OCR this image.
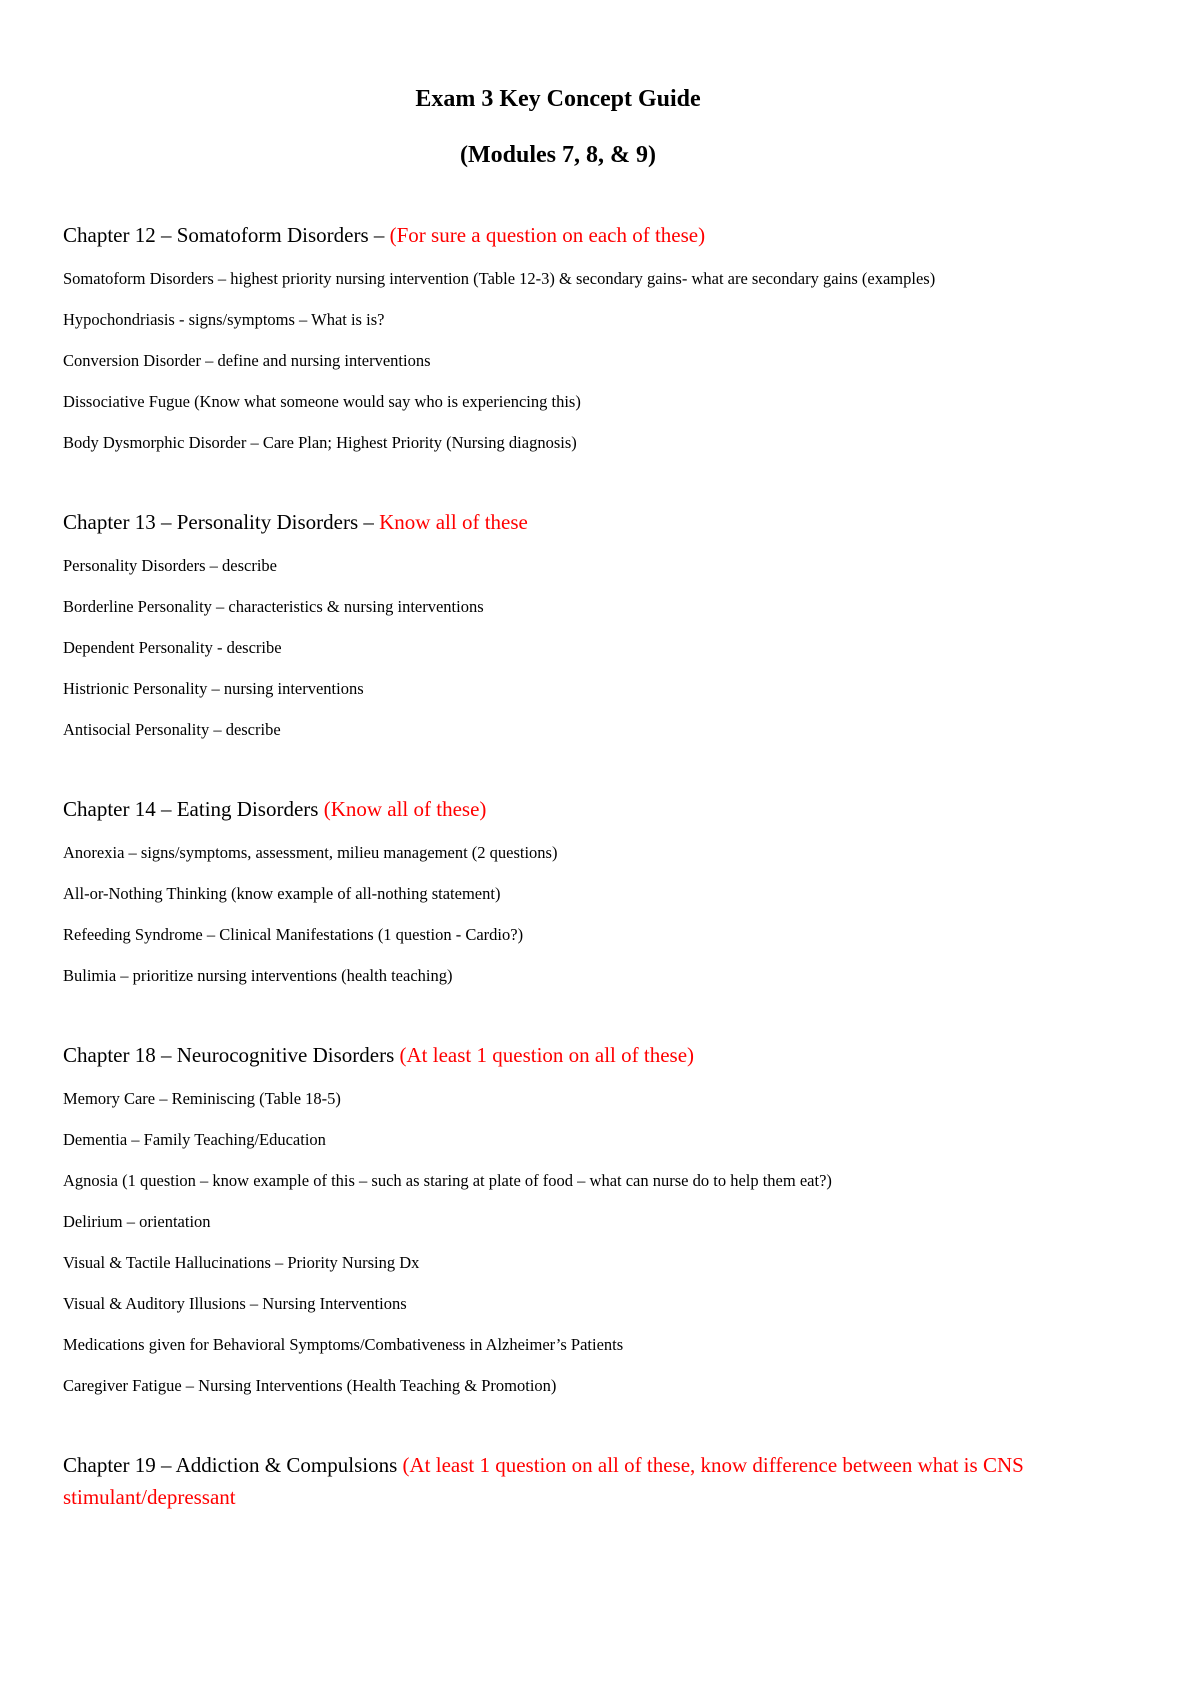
Exam 3 Key Concept Guide
(Modules 7, 8, & 9)
Chapter 12 – Somatoform Disorders – (For sure a question on each of these)

Somatoform Disorders – highest priority nursing intervention (Table 12-3) & secondary gains- what are secondary gains (examples)

Hypochondriasis - signs/symptoms – What is is?

Conversion Disorder – define and nursing interventions

Dissociative Fugue (Know what someone would say who is experiencing this)

Body Dysmorphic Disorder – Care Plan; Highest Priority (Nursing diagnosis)

Chapter 13 – Personality Disorders – Know all of these

Personality Disorders – describe

Borderline Personality – characteristics & nursing interventions

Dependent Personality - describe

Histrionic Personality – nursing interventions

Antisocial Personality – describe

Chapter 14 – Eating Disorders (Know all of these)

Anorexia – signs/symptoms, assessment, milieu management (2 questions)

All-or-Nothing Thinking (know example of all-nothing statement)

Refeeding Syndrome – Clinical Manifestations (1 question - Cardio?)

Bulimia – prioritize nursing interventions (health teaching)

Chapter 18 – Neurocognitive Disorders (At least 1 question on all of these)

Memory Care – Reminiscing (Table 18-5)

Dementia – Family Teaching/Education

Agnosia (1 question – know example of this – such as staring at plate of food – what can nurse do to help them eat?)

Delirium – orientation

Visual & Tactile Hallucinations – Priority Nursing Dx

Visual & Auditory Illusions – Nursing Interventions

Medications given for Behavioral Symptoms/Combativeness in Alzheimer’s Patients

Caregiver Fatigue – Nursing Interventions (Health Teaching & Promotion)

Chapter 19 – Addiction & Compulsions (At least 1 question on all of these, know difference between what is CNS stimulant/depressant
